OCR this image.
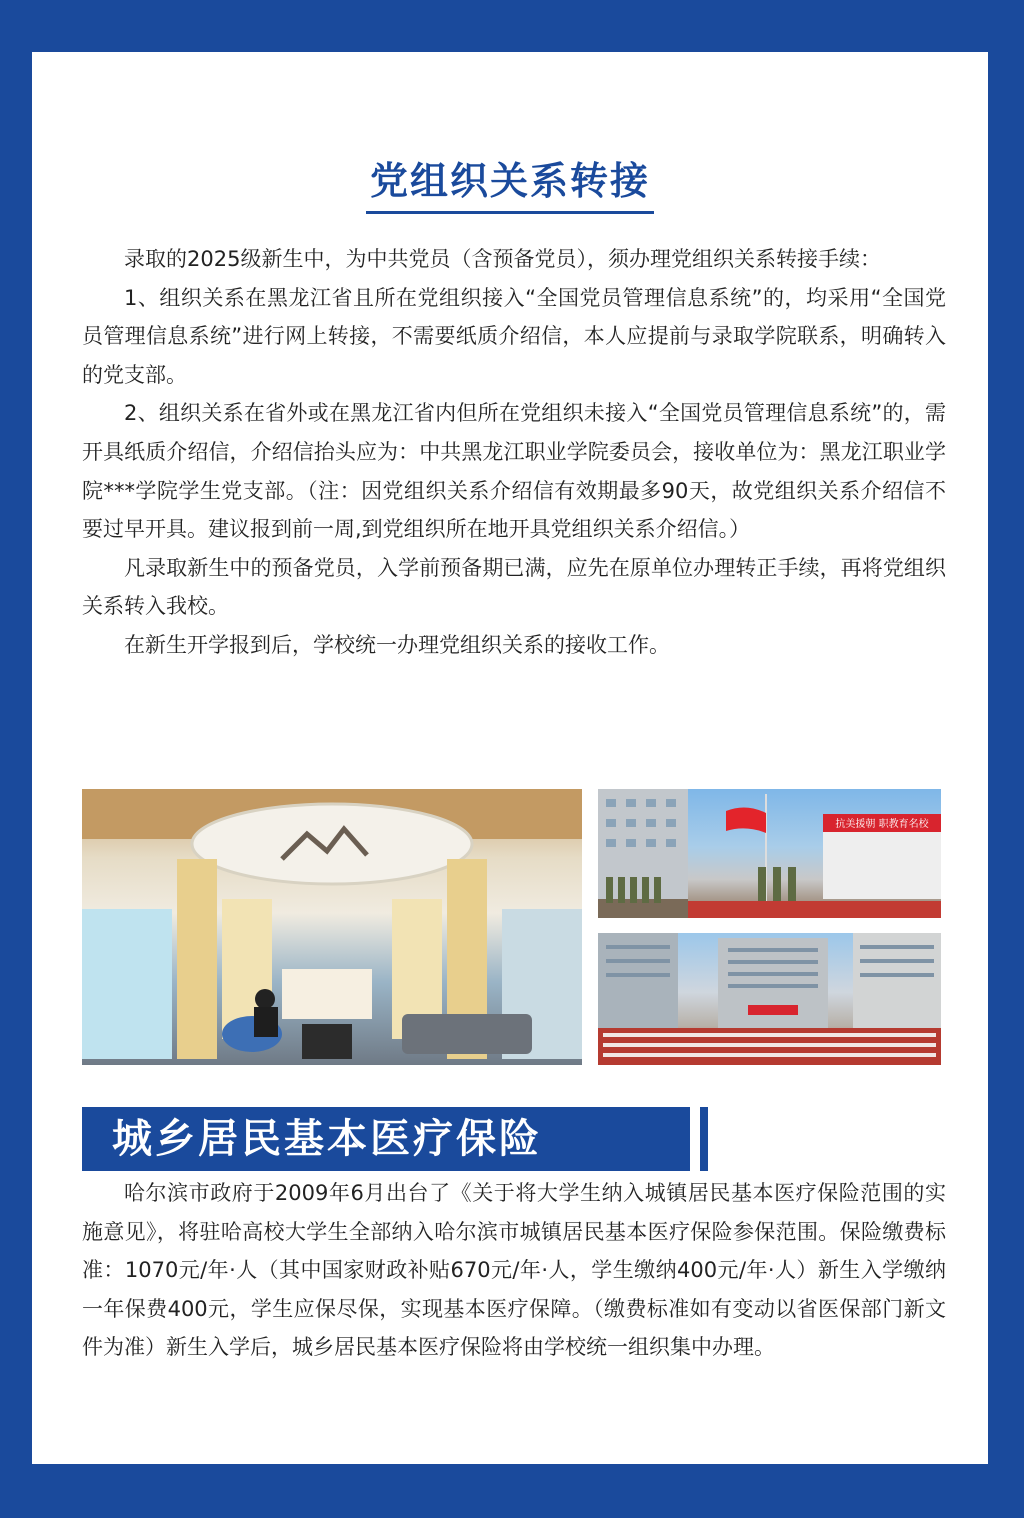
党组织关系转接

录取的2025级新生中，为中共党员（含预备党员），须办理党组织关系转接手续：

1、组织关系在黑龙江省且所在党组织接入“全国党员管理信息系统”的，均采用“全国党员管理信息系统”进行网上转接，不需要纸质介绍信，本人应提前与录取学院联系，明确转入的党支部。

2、组织关系在省外或在黑龙江省内但所在党组织未接入“全国党员管理信息系统”的，需开具纸质介绍信，介绍信抬头应为：中共黑龙江职业学院委员会，接收单位为：黑龙江职业学院***学院学生党支部。（注：因党组织关系介绍信有效期最多90天，故党组织关系介绍信不要过早开具。建议报到前一周,到党组织所在地开具党组织关系介绍信。）

凡录取新生中的预备党员，入学前预备期已满，应先在原单位办理转正手续，再将党组织关系转入我校。

在新生开学报到后，学校统一办理党组织关系的接收工作。

抗美援朝 职教育名校
城乡居民基本医疗保险

哈尔滨市政府于2009年6月出台了《关于将大学生纳入城镇居民基本医疗保险范围的实施意见》，将驻哈高校大学生全部纳入哈尔滨市城镇居民基本医疗保险参保范围。保险缴费标准：1070元/年·人（其中国家财政补贴670元/年·人，学生缴纳400元/年·人）新生入学缴纳一年保费400元，学生应保尽保，实现基本医疗保障。（缴费标准如有变动以省医保部门新文件为准）新生入学后，城乡居民基本医疗保险将由学校统一组织集中办理。
